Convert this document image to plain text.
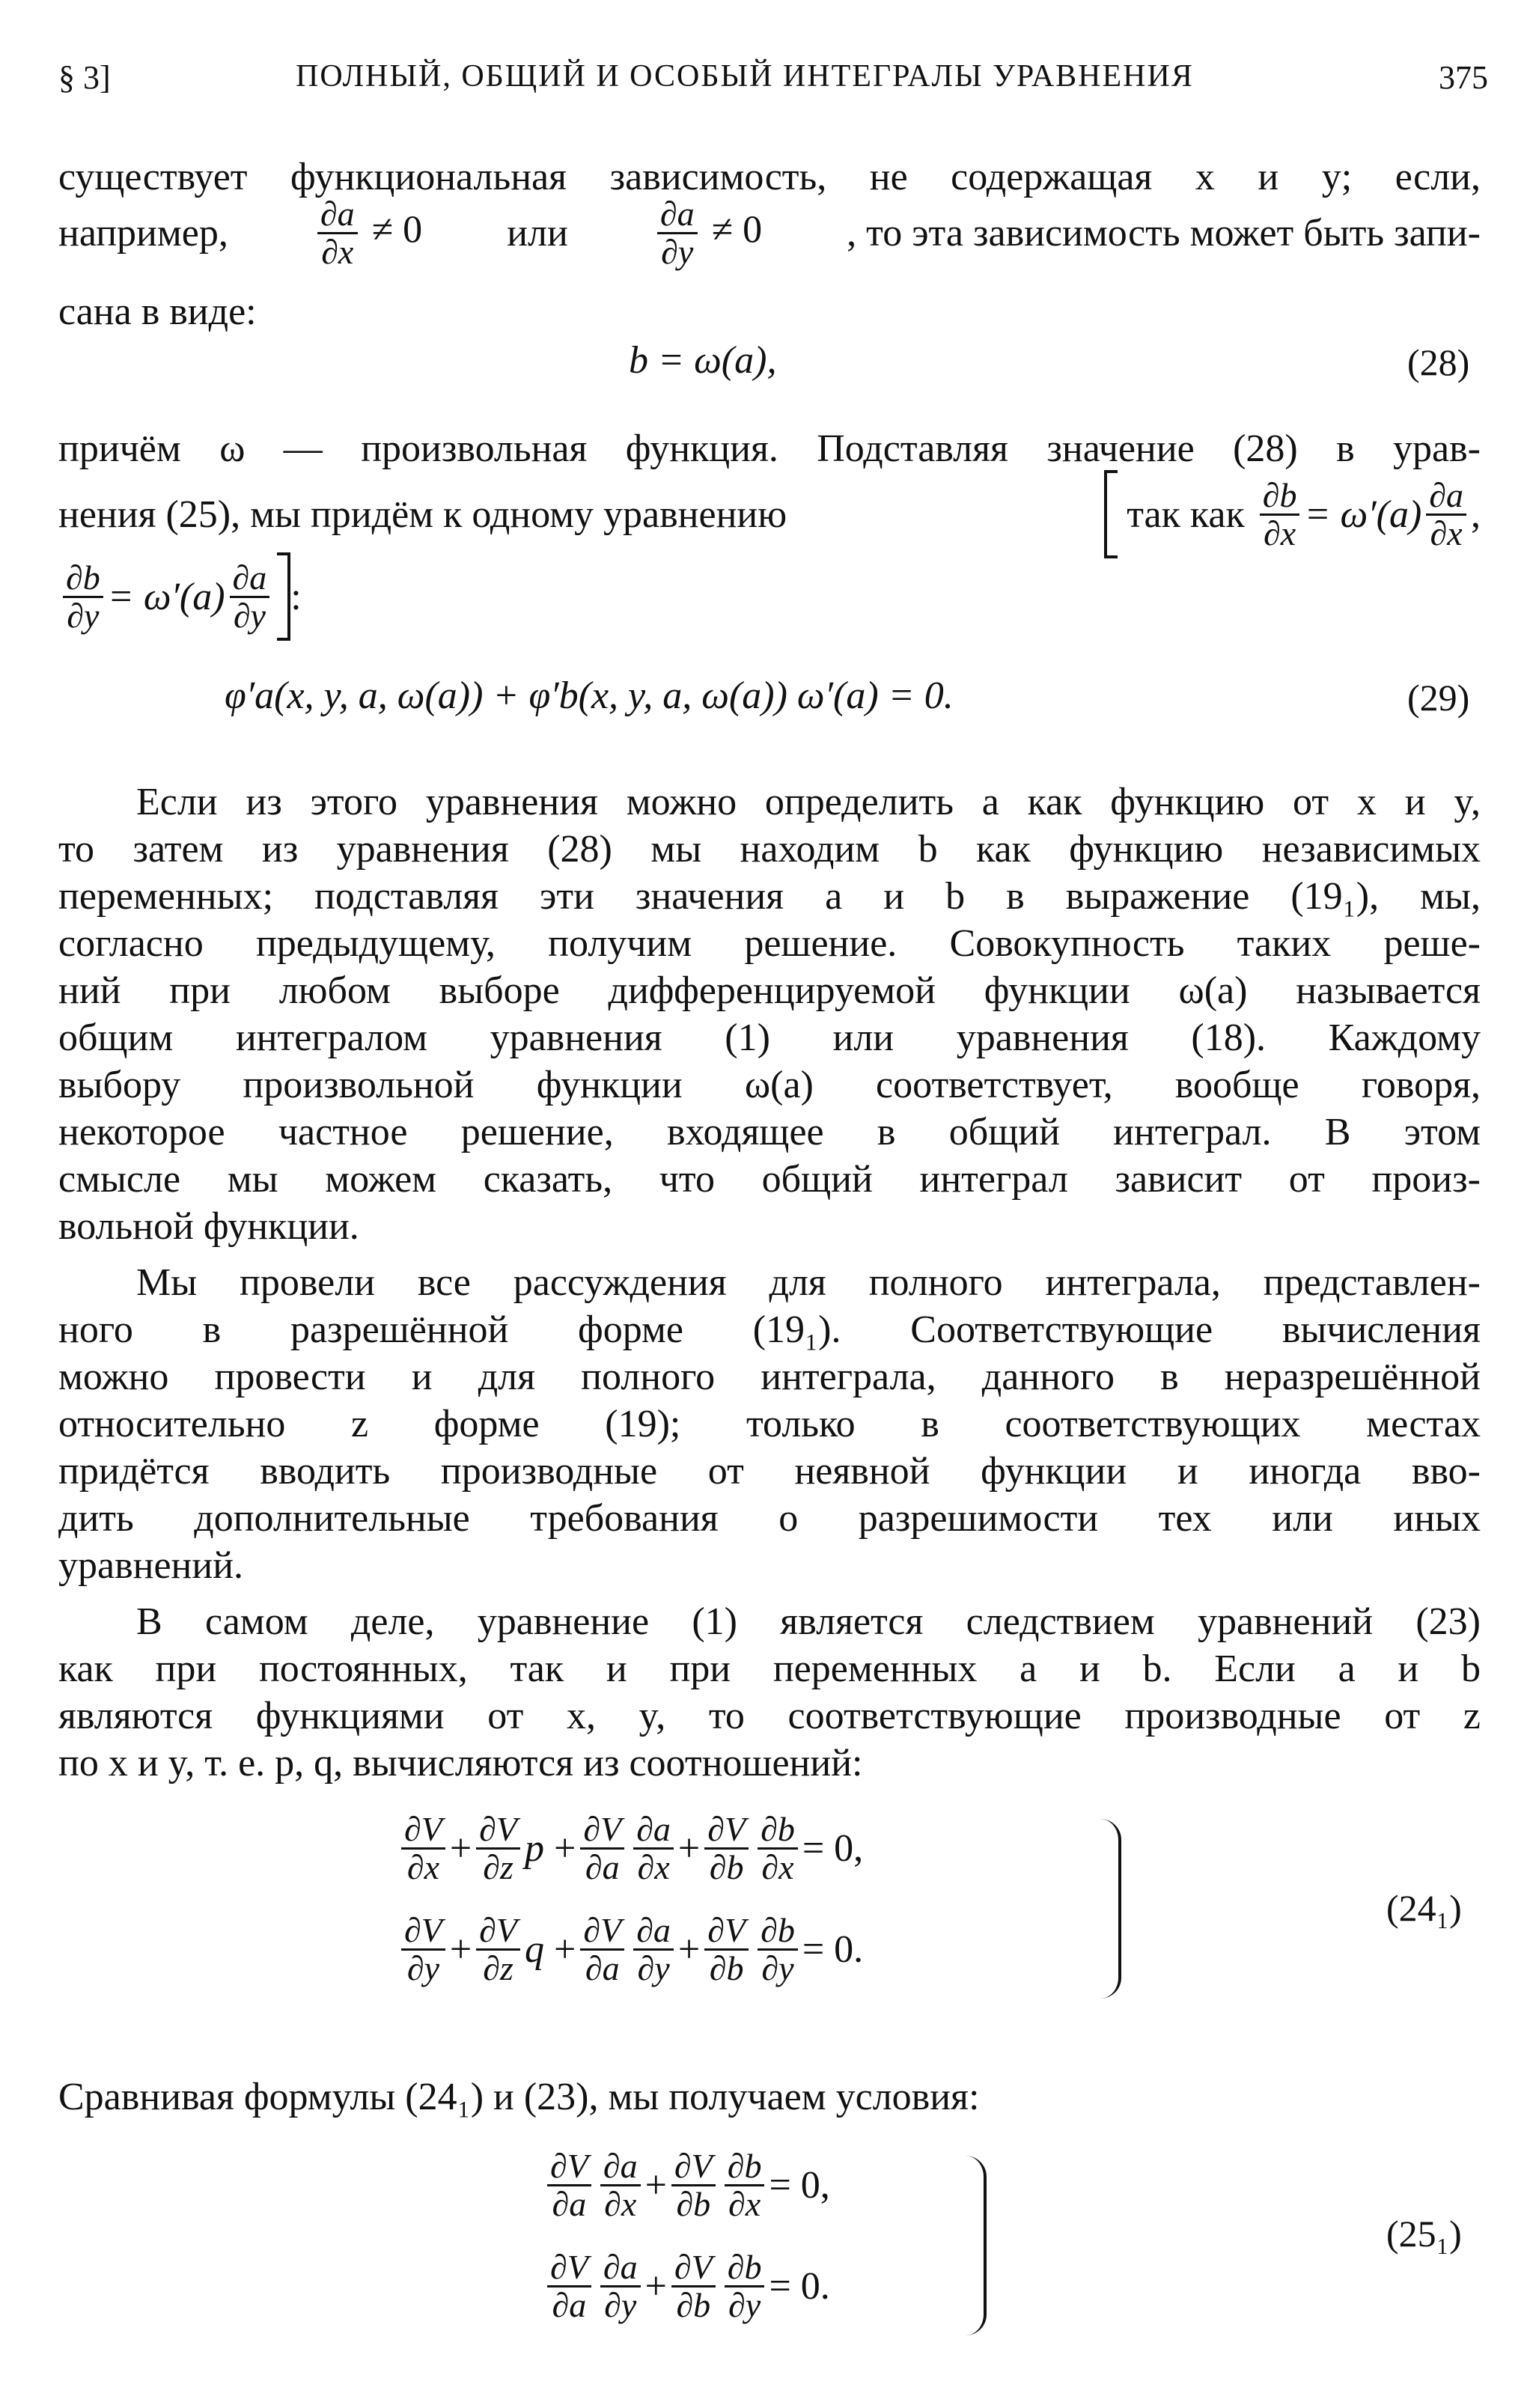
§ 3]	ПОЛНЫЙ, ОБЩИЙ И ОСОБЫЙ ИНТЕГРАЛЫ УРАВНЕНИЯ	375

существует функциональная зависимость, не содержащая x и y; если,

например,	$\frac{\partial a}{\partial x} \ne 0$ или	$\frac{\partial a}{\partial y} \ne 0$ , то эта зависимость может быть запи-

сана в виде:

b = ω(a),	(28)

причём ω — произвольная функция. Подставляя значение (28) в урав-

нения (25), мы придём к одному уравнению	так как $\frac{\partial b}{\partial x} = \omega'(a) \frac{\partial a}{\partial x}$ ,
$\frac{\partial b}{\partial y} = \omega'(a) \frac{\partial a}{\partial y}$ :
φ′a(x, y, a, ω(a)) + φ′b(x, y, a, ω(a)) ω′(a) = 0.	(29)

Если из этого уравнения можно определить a как функцию от x и y,

то затем из уравнения (28) мы находим b как функцию независимых

переменных; подставляя эти значения a и b в выражение (19₁), мы,

согласно предыдущему, получим решение. Совокупность таких реше-

ний при любом выборе дифференцируемой функции ω(a) называется

общим интегралом уравнения (1) или уравнения (18). Каждому

выбору произвольной функции ω(a) соответствует, вообще говоря,

некоторое частное решение, входящее в общий интеграл. В этом

смысле мы можем сказать, что общий интеграл зависит от произ-

вольной функции.

Мы провели все рассуждения для полного интеграла, представлен-

ного в разрешённой форме (19₁). Соответствующие вычисления

можно провести и для полного интеграла, данного в неразрешённой

относительно z форме (19); только в соответствующих местах

придётся вводить производные от неявной функции и иногда вво-

дить дополнительные требования о разрешимости тех или иных

уравнений.

В самом деле, уравнение (1) является следствием уравнений (23)

как при постоянных, так и при переменных a и b. Если a и b

являются функциями от x, y, то соответствующие производные от z

по x и y, т. е. p, q, вычисляются из соотношений:

$\frac{\partial V}{\partial x} + \frac{\partial V}{\partial z}$ $p + \frac{\partial V}{\partial a} \frac{\partial a}{\partial x} + \frac{\partial V}{\partial b} \frac{\partial b}{\partial x} = 0$,
$\frac{\partial V}{\partial y} + \frac{\partial V}{\partial z}$ $q + \frac{\partial V}{\partial a} \frac{\partial a}{\partial y} + \frac{\partial V}{\partial b} \frac{\partial b}{\partial y} = 0$.
(24₁)

Сравнивая формулы (24₁) и (23), мы получаем условия:

$\frac{\partial V}{\partial a} \frac{\partial a}{\partial x} + \frac{\partial V}{\partial b} \frac{\partial b}{\partial x} = 0$,
$\frac{\partial V}{\partial a} \frac{\partial a}{\partial y} + \frac{\partial V}{\partial b} \frac{\partial b}{\partial y} = 0$.
(25₁)
